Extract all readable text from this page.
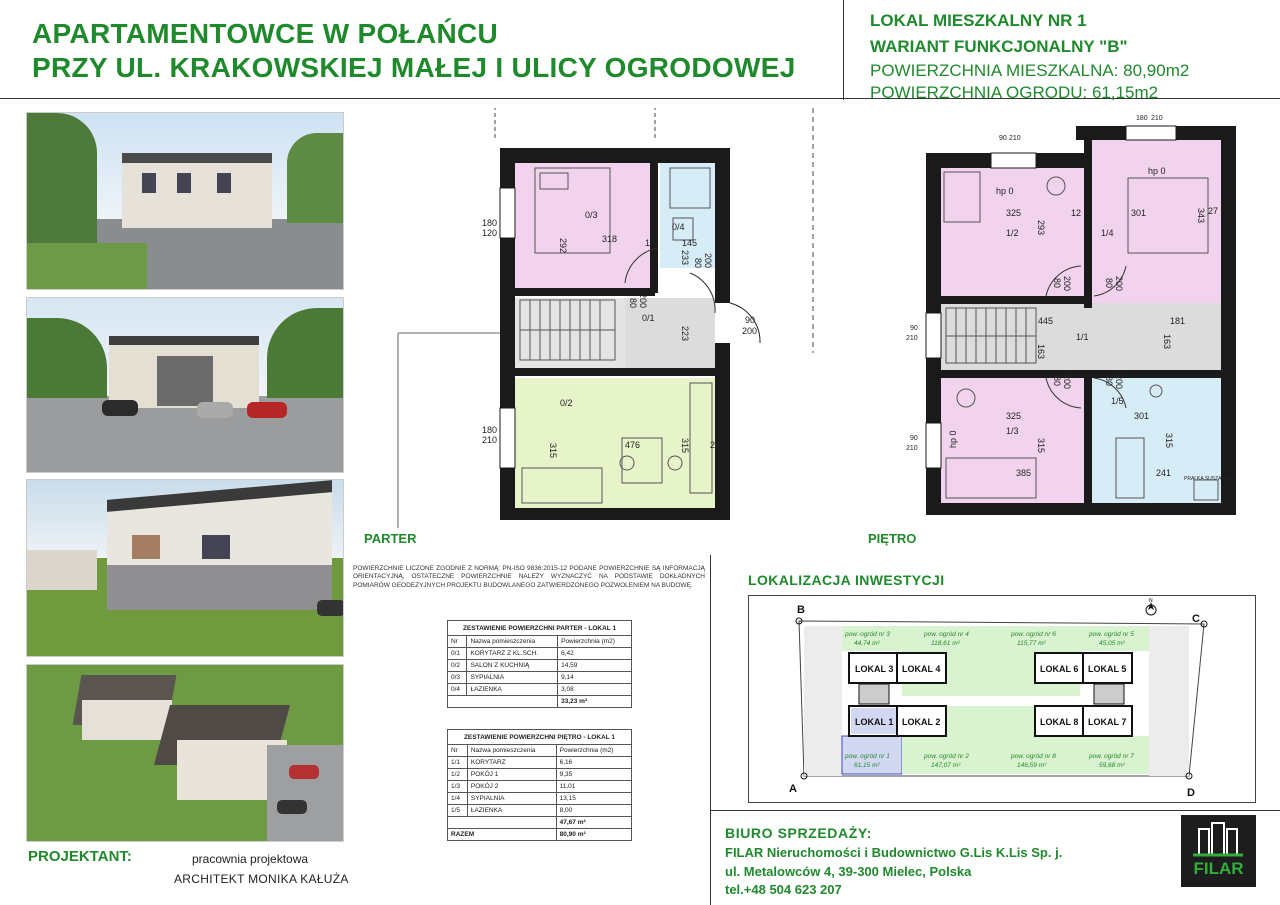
APARTAMENTOWCE W POŁAŃCU
PRZY UL. KRAKOWSKIEJ MAŁEJ I ULICY OGRODOWEJ
LOKAL MIESZKALNY NR 1
WARIANT FUNKCJONALNY "B"
POWIERZCHNIA MIESZKALNA: 80,90m2
POWIERZCHNIA OGRODU: 61,15m2
PROJEKTANT:	pracownia projektowa
ARCHITEKT MONIKA KAŁUŻA
0/3
0/4
0/1
0/2
292	318
233
145
223
476
315	315 24
180
120
180
210
90
200
80 200
80 200
12
PARTER
1/2	1/4
1/1
1/3
1/5
325
293
301	343 27
445	181
163
163
325
315
385
301
315
241
12
hp 0
hp 0
hp 0
80 200	80 200
80 200	80 200
90 210
180 210
90
210
90
210
PRALKA SUSZARKA
PIĘTRO
POWIERZCHNIE LICZONE ZGODNIE Z NORMĄ: PN-ISO 9836:2015-12 PODANE POWIERZCHNIE SĄ INFORMACJĄ ORIENTACYJNĄ, OSTATECZNE POWIERZCHNIE NALEŻY WYZNACZYĆ NA PODSTAWIE DOKŁADNYCH POMIARÓW GEODEZYJNYCH PROJEKTU BUDOWLANEGO ZATWIERDZONEGO POZWOLENIEM NA BUDOWĘ.
ZESTAWIENIE POWIERZCHNI PARTER - LOKAL 1		
Nr	Nazwa pomieszczenia	Powierzchnia (m2)
0/1	KORYTARZ Z KL.SCH.	6,42
0/2	SALON Z KUCHNIĄ	14,59
0/3	SYPIALNIA	9,14
0/4	ŁAZIENKA	3,08
		33,23 m²
ZESTAWIENIE POWIERZCHNI PIĘTRO - LOKAL 1		
Nr	Nazwa pomieszczenia	Powierzchnia (m2)
1/1	KORYTARZ	6,16
1/2	POKÓJ 1	9,35
1/3	POKÓJ 2	11,01
1/4	SYPIALNIA	13,15
1/5	ŁAZIENKA	8,00
		47,67 m²
RAZEM		80,90 m²
LOKALIZACJA INWESTYCJI
LOKAL 3 LOKAL 4	LOKAL 6 LOKAL 5
LOKAL 1 LOKAL 2	LOKAL 8 LOKAL 7
pow. ogród nr 3
44,74 m²
pow. ogród nr 4
118,61 m²
pow. ogród nr 6
115,77 m²
pow. ogród nr 5
45,05 m²
pow. ogród nr 1
61,15 m²
pow. ogród nr 2
147,07 m²
pow. ogród nr 8
146,59 m²
pow. ogród nr 7
59,68 m²
B
C
A	D
N
BIURO SPRZEDAŻY:
FILAR Nieruchomości i Budownictwo G.Lis K.Lis Sp. j.
ul. Metalowców 4, 39-300 Mielec, Polska
tel.+48 504 623 207
FILAR
